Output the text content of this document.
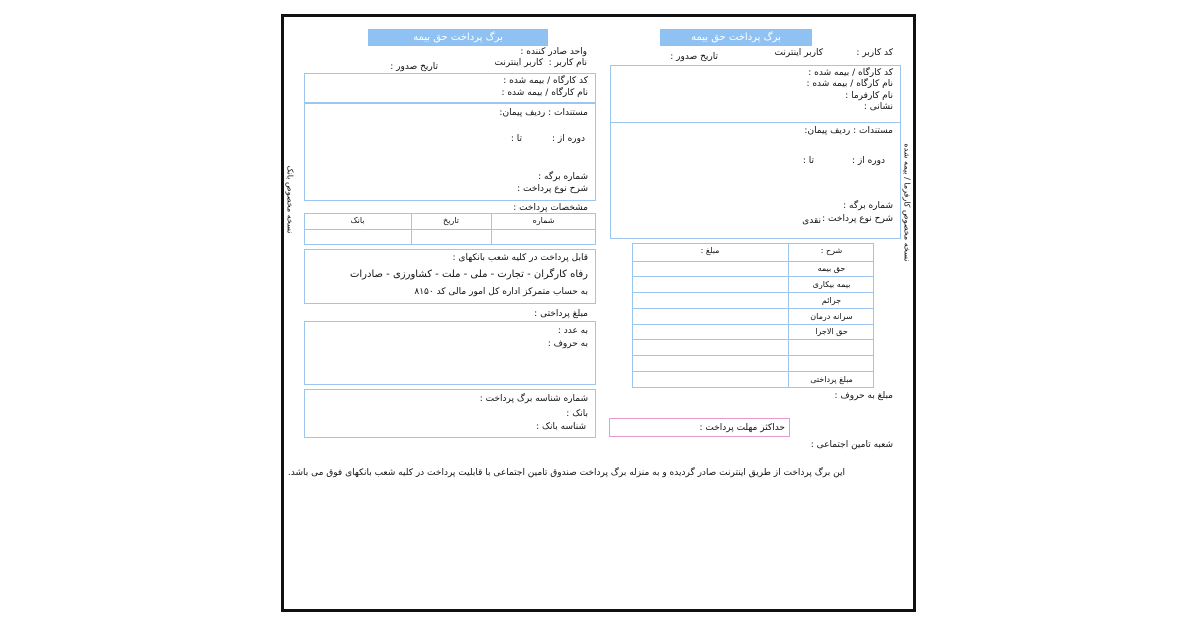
برگ پرداخت حق بیمه
کد کاربر :
کاربر اینترنت
تاریخ صدور :
کد کارگاه / بیمه شده :
نام کارگاه / بیمه شده :
نام کارفرما :
نشانی :
مستندات : ردیف پیمان:
دوره از :
تا :
شماره برگه :
شرح نوع پرداخت :
نقدی	نسخه مخصوص کارفرما / بیمه شده
شرح :
مبلغ :
حق بیمه
بیمه بیکاری
جرائم
سرانه درمان
حق الاجرا
مبلغ پرداختی
مبلغ به حروف :
حداکثر مهلت پرداخت :
شعبه تامین اجتماعی :
برگ پرداخت حق بیمه
واحد صادر کننده :
نام کاربر :
کاربر اینترنت
تاریخ صدور :
کد کارگاه / بیمه شده :
نام کارگاه / بیمه شده :
مستندات : ردیف پیمان:
دوره از :
تا :
شماره برگه :
شرح نوع پرداخت :
مشخصات پرداخت :
شماره
تاریخ
بانک
قابل پرداخت در کلیه شعب بانکهای :
رفاه کارگران - تجارت - ملی - ملت - کشاورزی - صادرات
به حساب متمرکز اداره کل امور مالی کد ۸۱۵۰
مبلغ پرداختی :
به عدد :
به حروف :
شماره شناسه برگ پرداخت :
بانک :
شناسه بانک :
نسخه مخصوص بانک
این برگ پرداخت از طریق اینترنت صادر گردیده و به منزله برگ پرداخت صندوق تامین اجتماعی با قابلیت پرداخت در کلیه شعب بانکهای فوق می باشد.
